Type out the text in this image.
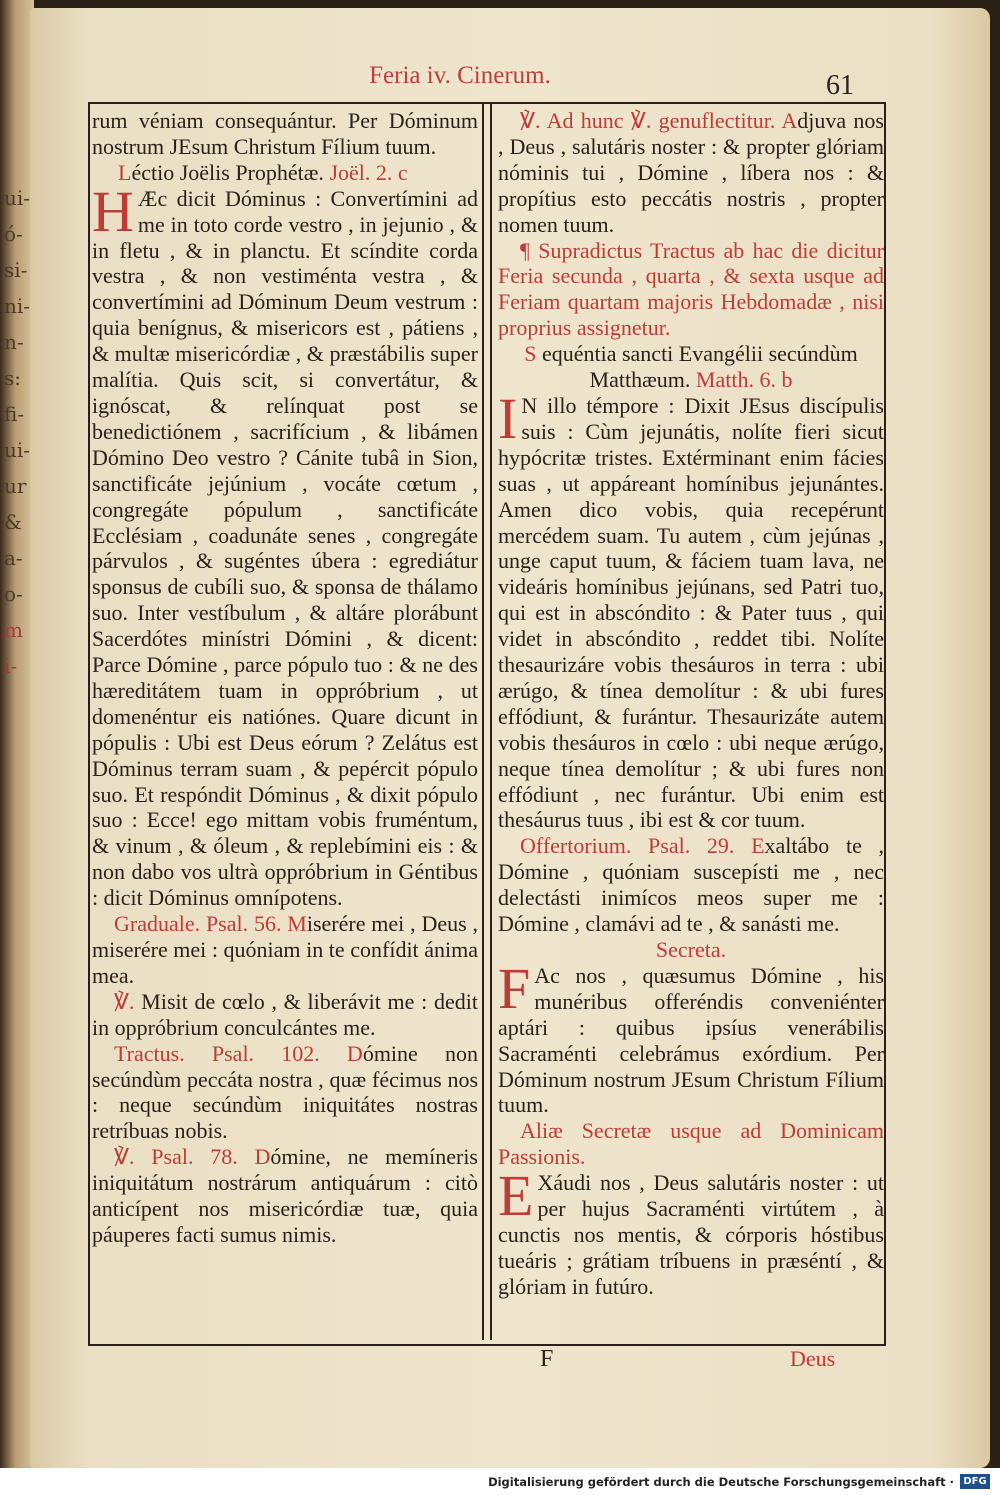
ui-
ó-
si-
ni-
n-
s:
fi-
ui-
ur
&
a-
o-
m
i-
Feria iv. Cinerum.	61

rum véniam consequántur. Per Dóminum nostrum JEsum Christum Fílium tuum.

Léctio Joëlis Prophétæ. Joël. 2. c

H Æc dicit Dóminus : Convertímini ad me in toto corde vestro , in jejunio , & in fletu , & in planctu. Et scíndite corda vestra , & non vestiménta vestra , & convertímini ad Dóminum Deum vestrum : quia benígnus, & misericors est , pátiens , & multæ misericórdiæ , & præstábilis super malítia. Quis scit, si convertátur, & ignóscat, & relínquat post se benedictiónem , sacrifícium , & libámen Dómino Deo vestro ? Cánite tubâ in Sion, sanctificáte jejúnium , vocáte cœtum , congregáte pópulum , sanctificáte Ecclésiam , coadunáte senes , congregáte párvulos , & sugéntes úbera : egrediátur sponsus de cubíli suo, & sponsa de thálamo suo. Inter vestíbulum , & altáre plorábunt Sacerdótes minístri Dómini , & dicent: Parce Dómine , parce pópulo tuo : & ne des hæreditátem tuam in oppróbrium , ut domenéntur eis natiónes. Quare dicunt in pópulis : Ubi est Deus eórum ? Zelátus est Dóminus terram suam , & pepércit pópulo suo. Et respóndit Dóminus , & dixit pópulo suo : Ecce! ego mittam vobis fruméntum, & vinum , & óleum , & replebímini eis : & non dabo vos ultrà oppróbrium in Géntibus : dicit Dóminus omnípotens.

Graduale. Psal. 56. Miserére mei , Deus , miserére mei : quóniam in te confídit ánima mea.

℣. Misit de cœlo , & liberávit me : dedit in oppróbrium conculcántes me.

Tractus. Psal. 102. Dómine non secúndùm peccáta nostra , quæ fécimus nos : neque secúndùm iniquitátes nostras retríbuas nobis.

℣. Psal. 78. Dómine, ne memíneris iniquitátum nostrárum antiquárum : citò anticípent nos misericórdiæ tuæ, quia páuperes facti sumus nimis.

℣. Ad hunc ℣. genuflectitur. Adjuva nos , Deus , salutáris noster : & propter glóriam nóminis tui , Dómine , líbera nos : & propítius esto peccátis nostris , propter nomen tuum.

¶ Supradictus Tractus ab hac die dicitur Feria secunda , quarta , & sexta usque ad Feriam quartam majoris Hebdomadæ , nisi proprius assignetur.

S equéntia sancti Evangélii secúndùm Matthæum. Matth. 6. b

I N illo témpore : Dixit JEsus discípulis suis : Cùm jejunátis, nolíte fieri sicut hypócritæ tristes. Extérminant enim fácies suas , ut appáreant homínibus jejunántes. Amen dico vobis, quia recepérunt mercédem suam. Tu autem , cùm jejúnas , unge caput tuum, & fáciem tuam lava, ne videáris homínibus jejúnans, sed Patri tuo, qui est in abscóndito : & Pater tuus , qui videt in abscóndito , reddet tibi. Nolíte thesaurizáre vobis thesáuros in terra : ubi ærúgo, & tínea demolítur : & ubi fures effódiunt, & furántur. Thesaurizáte autem vobis thesáuros in cœlo : ubi neque ærúgo, neque tínea demolítur ; & ubi fures non effódiunt , nec furántur. Ubi enim est thesáurus tuus , ibi est & cor tuum.

Offertorium. Psal. 29. Exaltábo te , Dómine , quóniam suscepísti me , nec delectásti inimícos meos super me : Dómine , clamávi ad te , & sanásti me.

Secreta.

F Ac nos , quæsumus Dómine , his munéribus offeréndis conveniénter aptári : quibus ipsíus venerábilis Sacraménti celebrámus exórdium. Per Dóminum nostrum JEsum Christum Fílium tuum.

Aliæ Secretæ usque ad Dominicam Passionis.

E Xáudi nos , Deus salutáris noster : ut per hujus Sacraménti virtútem , à cunctis nos mentis, & córporis hóstibus tueáris ; grátiam tríbuens in præséntí , & glóriam in futúro.

F	Deus
Digitalisierung gefördert durch die Deutsche Forschungsgemeinschaft · DFG
